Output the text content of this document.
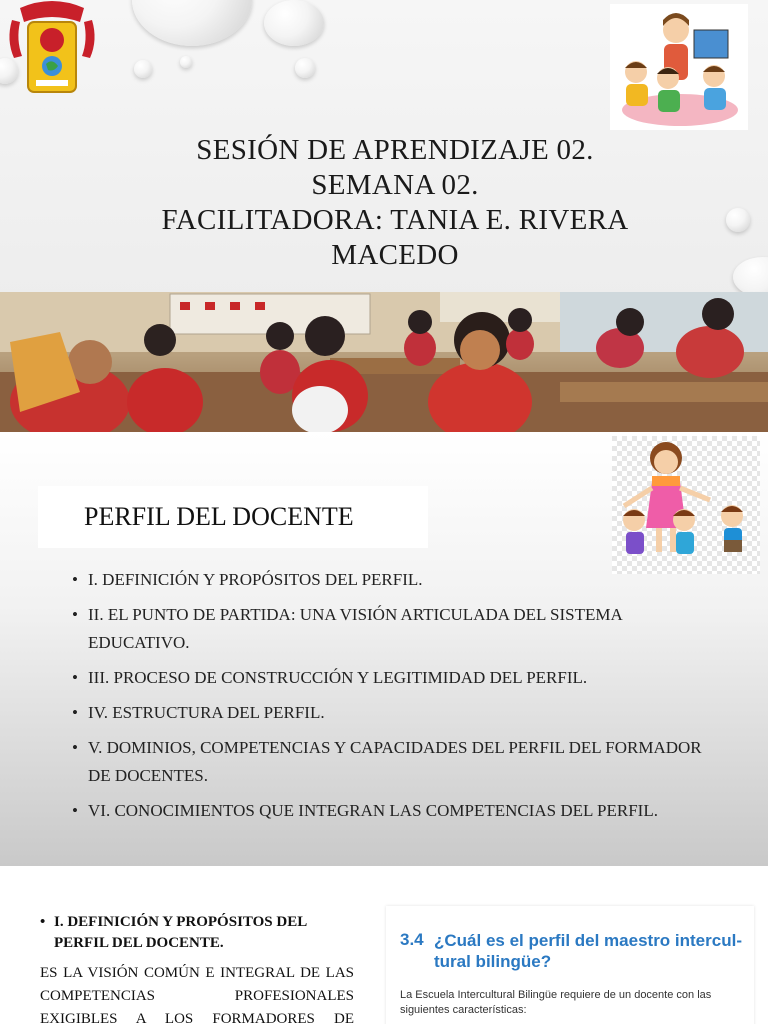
SESIÓN DE APRENDIZAJE 02.
SEMANA 02.
FACILITADORA: TANIA E. RIVERA
MACEDO
PERFIL DEL DOCENTE
• I. DEFINICIÓN Y PROPÓSITOS DEL PERFIL.
• II. EL PUNTO DE PARTIDA: UNA VISIÓN ARTICULADA DEL SISTEMA EDUCATIVO.
• III. PROCESO DE CONSTRUCCIÓN Y LEGITIMIDAD DEL PERFIL.
• IV. ESTRUCTURA DEL PERFIL.
• V. DOMINIOS, COMPETENCIAS Y CAPACIDADES DEL PERFIL DEL FORMADOR DE DOCENTES.
• VI. CONOCIMIENTOS QUE INTEGRAN LAS COMPETENCIAS DEL PERFIL.
• I. DEFINICIÓN Y PROPÓSITOS DEL PERFIL DEL DOCENTE.
ES LA VISIÓN COMÚN E INTEGRAL DE LAS COMPETENCIAS PROFESIONALES EXIGIBLES A LOS FORMADORES DE
3.4 ¿Cuál es el perfil del maestro intercul- tural bilingüe?
La Escuela Intercultural Bilingüe requiere de un docente con las siguientes características:
